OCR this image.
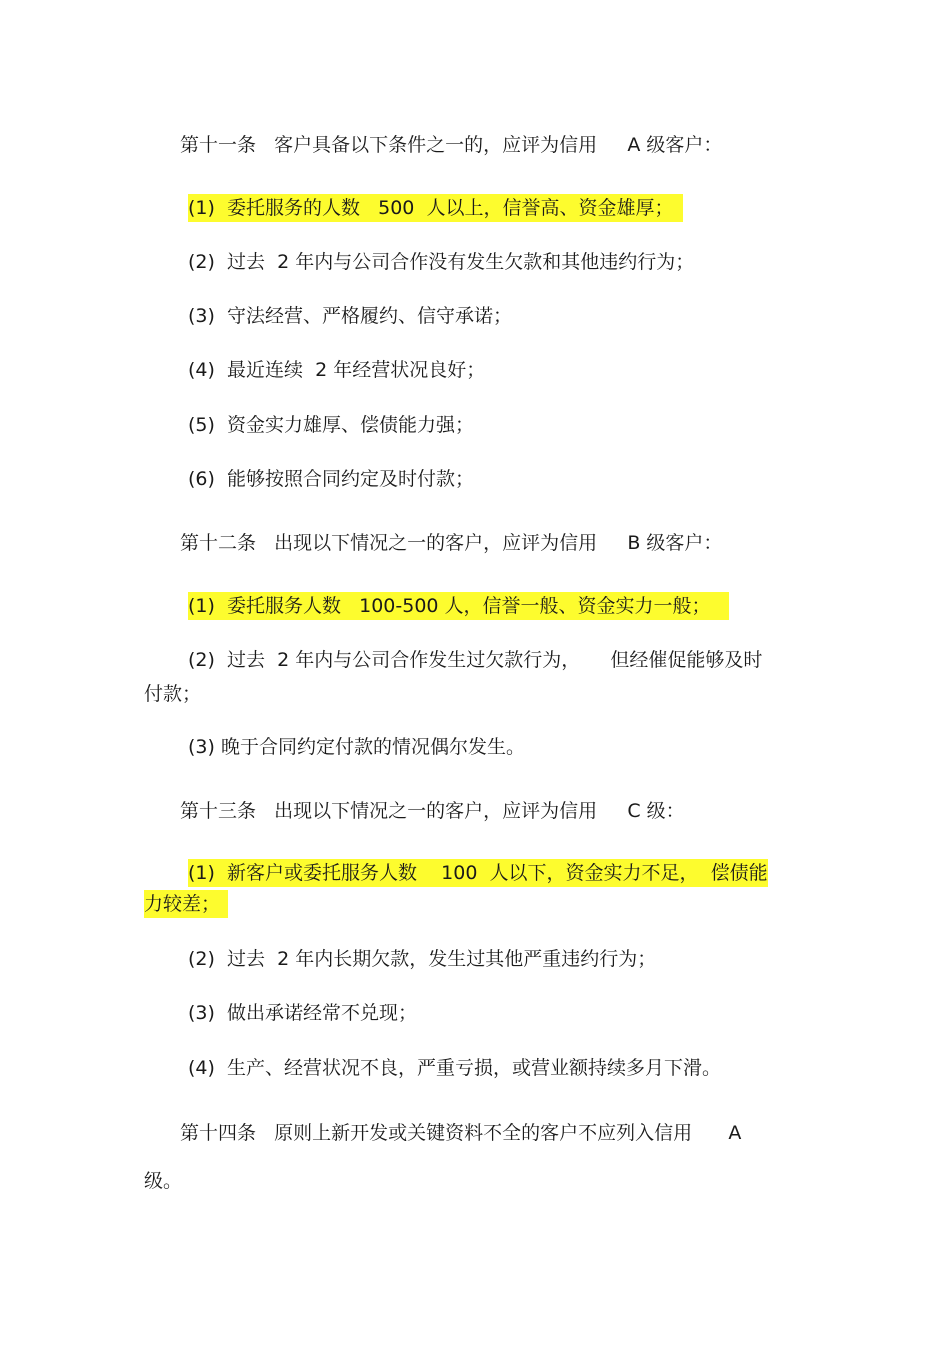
第十一条   客户具备以下条件之一的，应评为信用     A 级客户：
(1)  委托服务的人数   500  人以上，信誉高、资金雄厚；
(2)  过去  2 年内与公司合作没有发生欠款和其他违约行为；
(3)  守法经营、严格履约、信守承诺；
(4)  最近连续  2 年经营状况良好；
(5)  资金实力雄厚、偿债能力强；
(6)  能够按照合同约定及时付款；
第十二条   出现以下情况之一的客户，应评为信用     B 级客户：
(1)  委托服务人数   100-500 人，信誉一般、资金实力一般；
(2)  过去  2 年内与公司合作发生过欠款行为，     但经催促能够及时
付款；
(3) 晚于合同约定付款的情况偶尔发生。
第十三条   出现以下情况之一的客户，应评为信用     C 级：
(1)  新客户或委托服务人数    100  人以下，资金实力不足，  偿债能
力较差；
(2)  过去  2 年内长期欠款，发生过其他严重违约行为；
(3)  做出承诺经常不兑现；
(4)  生产、经营状况不良，严重亏损，或营业额持续多月下滑。
第十四条   原则上新开发或关键资料不全的客户不应列入信用      A
级。
